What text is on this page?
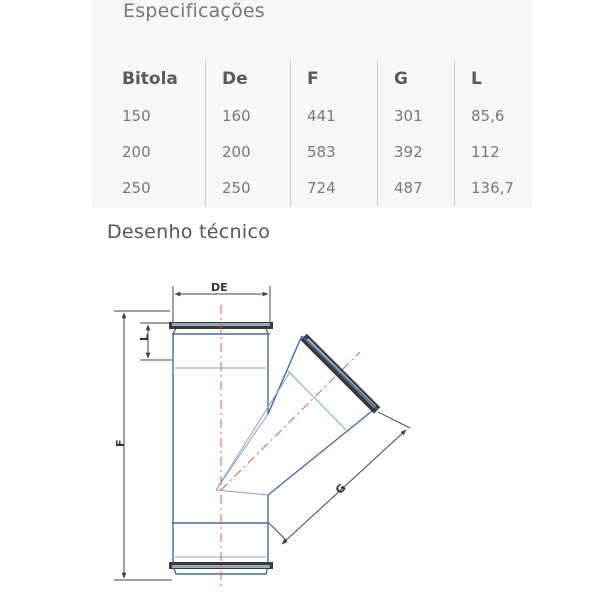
Especificações
Bitola	De	F	G	L
150	160	441	301	85,6
200	200	583	392	112
250	250	724	487	136,7
Desenho técnico
DE
L
F
G
